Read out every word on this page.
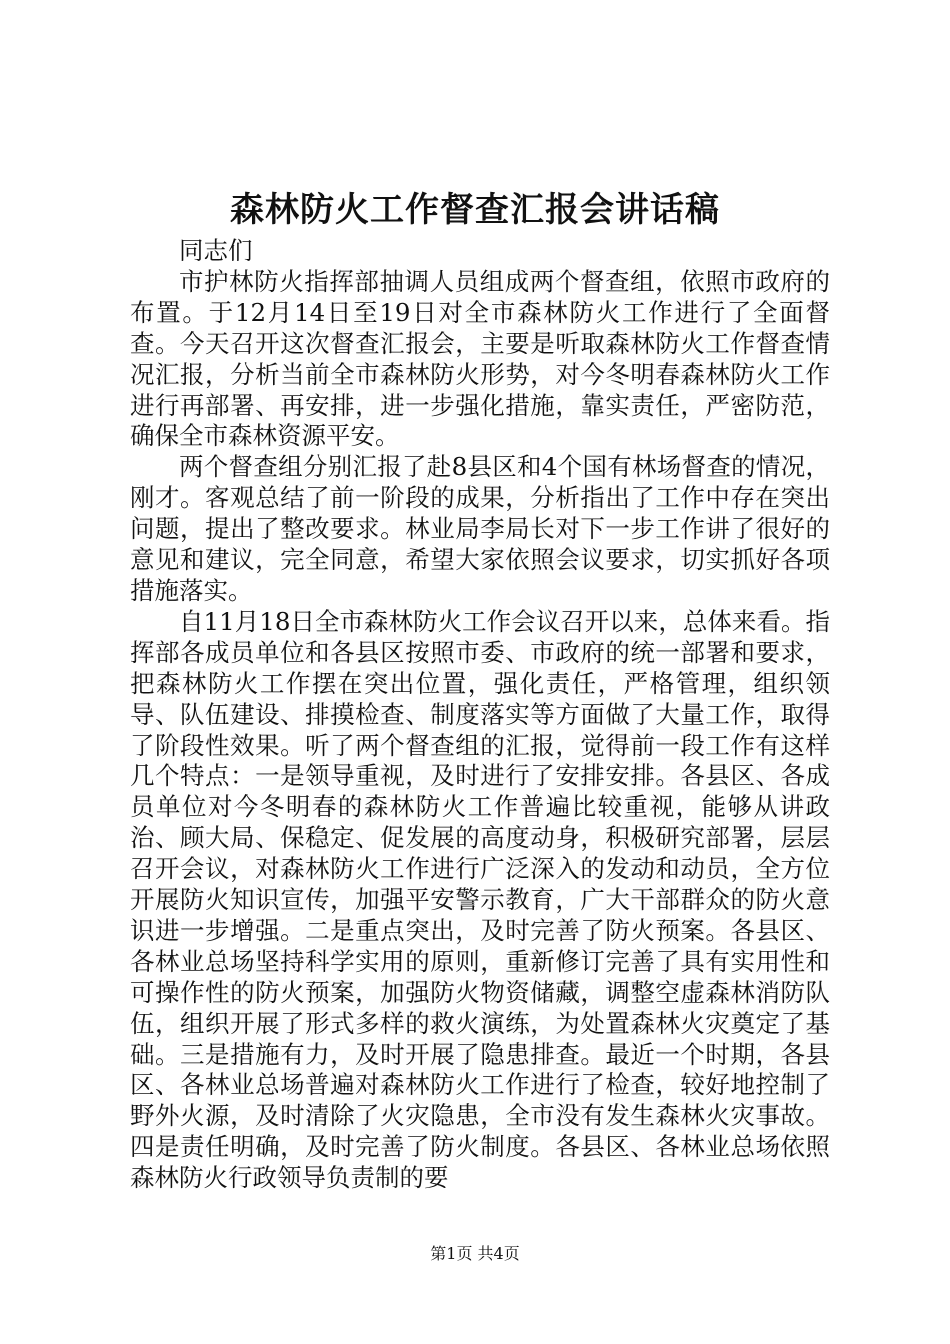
森林防火工作督查汇报会讲话稿

同志们

市护林防火指挥部抽调人员组成两个督查组，依照市政府的布置。于12月14日至19日对全市森林防火工作进行了全面督查。今天召开这次督查汇报会，主要是听取森林防火工作督查情况汇报，分析当前全市森林防火形势，对今冬明春森林防火工作进行再部署、再安排，进一步强化措施，靠实责任，严密防范，确保全市森林资源平安。

两个督查组分别汇报了赴8县区和4个国有林场督查的情况，刚才。客观总结了前一阶段的成果，分析指出了工作中存在突出问题，提出了整改要求。林业局李局长对下一步工作讲了很好的意见和建议，完全同意，希望大家依照会议要求，切实抓好各项措施落实。

自11月18日全市森林防火工作会议召开以来，总体来看。指挥部各成员单位和各县区按照市委、市政府的统一部署和要求，把森林防火工作摆在突出位置，强化责任，严格管理，组织领导、队伍建设、排摸检查、制度落实等方面做了大量工作，取得了阶段性效果。听了两个督查组的汇报，觉得前一段工作有这样几个特点：一是领导重视，及时进行了安排安排。各县区、各成员单位对今冬明春的森林防火工作普遍比较重视，能够从讲政治、顾大局、保稳定、促发展的高度动身，积极研究部署，层层召开会议，对森林防火工作进行广泛深入的发动和动员，全方位开展防火知识宣传，加强平安警示教育，广大干部群众的防火意识进一步增强。二是重点突出，及时完善了防火预案。各县区、各林业总场坚持科学实用的原则，重新修订完善了具有实用性和可操作性的防火预案，加强防火物资储藏，调整空虚森林消防队伍，组织开展了形式多样的救火演练，为处置森林火灾奠定了基础。三是措施有力，及时开展了隐患排查。最近一个时期，各县区、各林业总场普遍对森林防火工作进行了检查，较好地控制了野外火源，及时清除了火灾隐患，全市没有发生森林火灾事故。四是责任明确，及时完善了防火制度。各县区、各林业总场依照森林防火行政领导负责制的要

第1页 共4页
